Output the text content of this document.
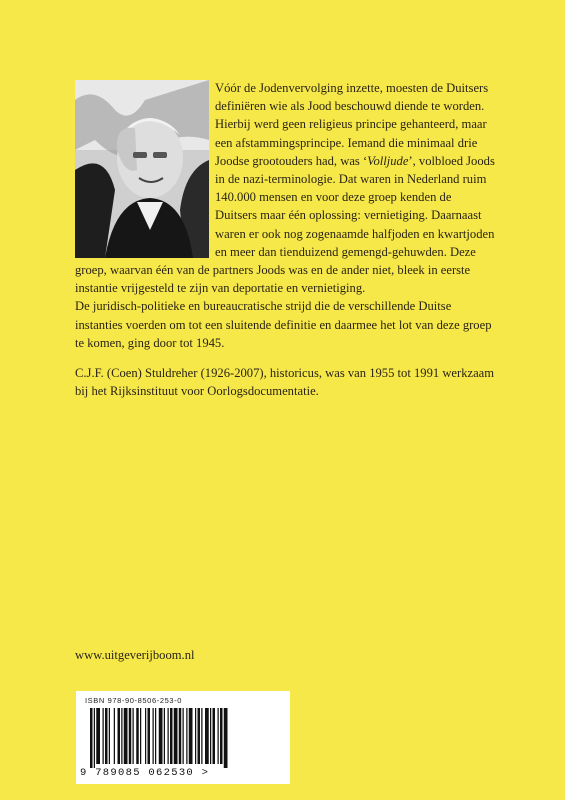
Vóór de Jodenvervolging inzette, moesten de Duitsers definiëren wie als Jood beschouwd diende te worden. Hierbij werd geen religieus principe gehanteerd, maar een afstammingsprincipe. Iemand die minimaal drie Joodse grootouders had, was ‘Volljude’, volbloed Joods in de nazi-terminologie. Dat waren in Nederland ruim 140.000 mensen en voor deze groep kenden de Duitsers maar één oplossing: vernietiging. Daarnaast waren er ook nog zogenaamde halfjoden en kwartjoden en meer dan tienduizend gemengd-gehuwden. Deze groep, waarvan één van de partners Joods was en de ander niet, bleek in eerste instantie vrijgesteld te zijn van deportatie en vernietiging.

De juridisch-politieke en bureaucratische strijd die de verschillende Duitse instanties voerden om tot een sluitende definitie en daarmee het lot van deze groep te komen, ging door tot 1945.

C.J.F. (Coen) Stuldreher (1926-2007), historicus, was van 1955 tot 1991 werkzaam bij het Rijksinstituut voor Oorlogsdocumentatie.

www.uitgeverijboom.nl
ISBN 978-90-8506-253-0
9 789085 062530 >
